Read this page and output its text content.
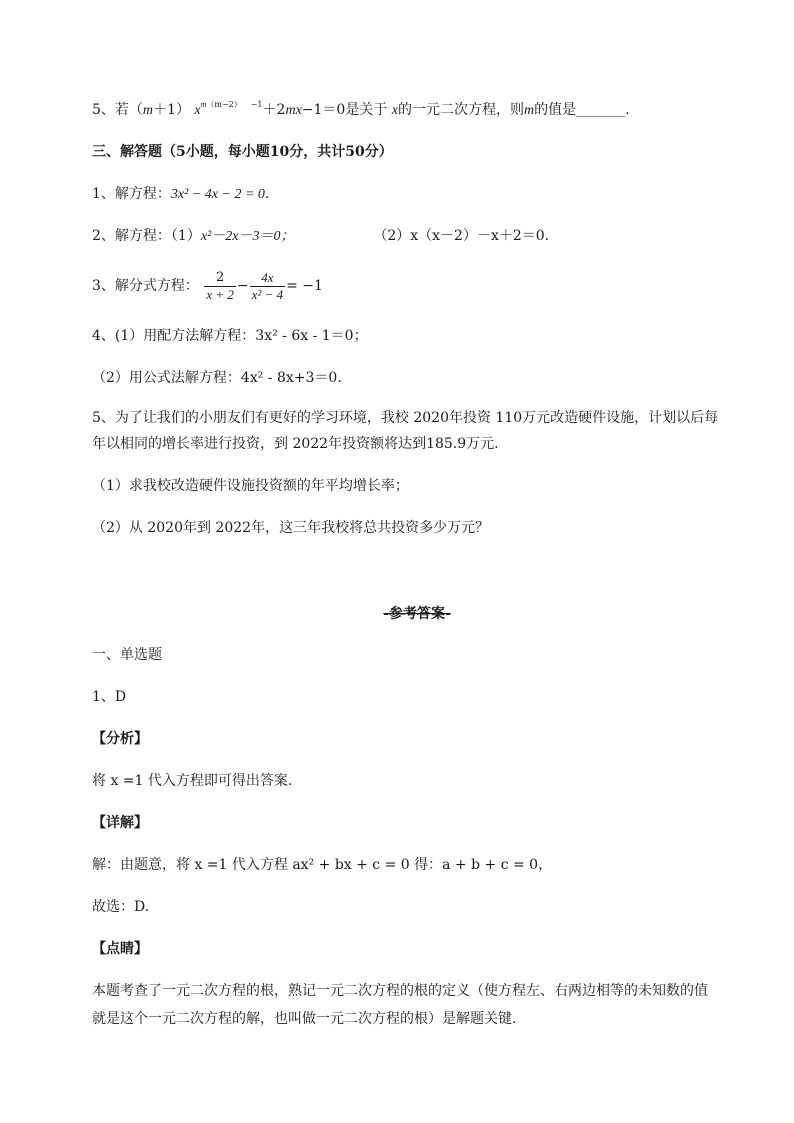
5、若（m＋1） $x^{m(m-2)}$ $^{-1}$＋2mx−1＝0是关于 x的一元二次方程，则m的值是_______.
三、解答题（5小题，每小题10分，共计50分）
1、解方程：3x² − 4x − 2 = 0.
2、解方程：（1）x²－2x－3＝0；	（2）x（x－2）－x＋2＝0.
3、解分式方程： $\frac{2}{x + 2} - \frac{4x}{\text{x² − 4}} = -1$
4、(1）用配方法解方程：3x² - 6x - 1＝0；
（2）用公式法解方程：4x² - 8x+3＝0.
5、为了让我们的小朋友们有更好的学习环境，我校 2020年投资 110万元改造硬件设施，计划以后每
年以相同的增长率进行投资，到 2022年投资额将达到185.9万元.
（1）求我校改造硬件设施投资额的年平均增长率；
（2）从 2020年到 2022年，这三年我校将总共投资多少万元？
-参考答案-
一、单选题
1、D
【分析】
将 x =1 代入方程即可得出答案.
【详解】
解：由题意，将 x =1 代入方程 ax² + bx + c = 0 得：a + b + c = 0，
故选：D.
【点睛】
本题考查了一元二次方程的根，熟记一元二次方程的根的定义（使方程左、右两边相等的未知数的值
就是这个一元二次方程的解，也叫做一元二次方程的根）是解题关键.
